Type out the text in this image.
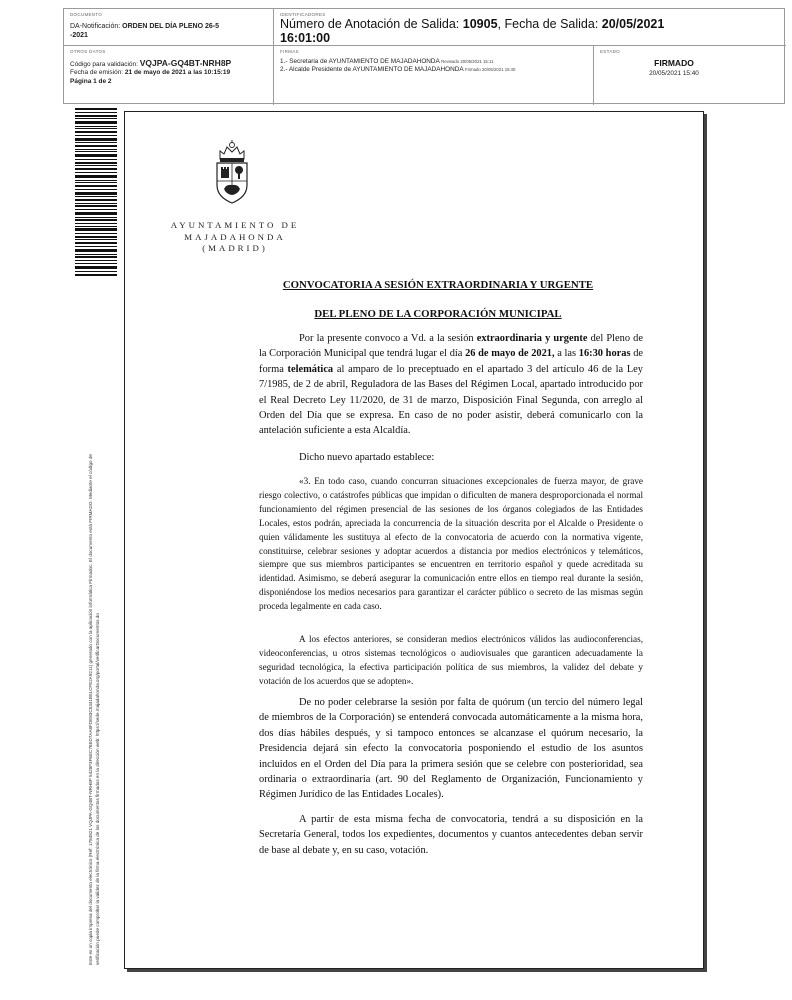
DOCUMENTO
DA-Notificación: ORDEN DEL DÍA PLENO 26-5
-2021
IDENTIFICADORES
Número de Anotación de Salida: 10905, Fecha de Salida: 20/05/2021
16:01:00
OTROS DATOS
Código para validación: VQJPA-GQ4BT-NRH8P
Fecha de emisión: 21 de mayo de 2021 a las 10:15:19
Página 1 de 2
FIRMAS
1.- Secretaria de AYUNTAMIENTO DE MAJADAHONDA Revisado 20/05/2021 15:11
2.- Alcalde Presidente de AYUNTAMIENTO DE MAJADAHONDA Firmado 20/05/2021 15:40
ESTADO
FIRMADO
20/05/2021 15:40
Este es un copia impresa del documento electrónico (Ref: 1784821 VQJPA-GQ4BT-NRH8P 5428F3F6EC76ED7AA8FDE83C5341B51CFE2A9211) generado con la aplicación informática Firmadoc. El documento está FIRMADO. Mediante el código de verificación puede comprobar la validez de la firma electrónica de los documentos firmados en la dirección web: https://sede.majadahonda.org/portal/verificarDocumentos.do
AYUNTAMIENTO DE
MAJADAHONDA
(MADRID)
CONVOCATORIA A SESIÓN EXTRAORDINARIA Y URGENTE
DEL PLENO DE LA CORPORACIÓN MUNICIPAL
Por la presente convoco a Vd. a la sesión extraordinaria y urgente del Pleno de la Corporación Municipal que tendrá lugar el día 26 de mayo de 2021, a las 16:30 horas de forma telemática al amparo de lo preceptuado en el apartado 3 del artículo 46 de la Ley 7/1985, de 2 de abril, Reguladora de las Bases del Régimen Local, apartado introducido por el Real Decreto Ley 11/2020, de 31 de marzo, Disposición Final Segunda, con arreglo al Orden del Día que se expresa. En caso de no poder asistir, deberá comunicarlo con la antelación suficiente a esta Alcaldía.
Dicho nuevo apartado establece:
«3. En todo caso, cuando concurran situaciones excepcionales de fuerza mayor, de grave riesgo colectivo, o catástrofes públicas que impidan o dificulten de manera desproporcionada el normal funcionamiento del régimen presencial de las sesiones de los órganos colegiados de las Entidades Locales, estos podrán, apreciada la concurrencia de la situación descrita por el Alcalde o Presidente o quien válidamente les sustituya al efecto de la convocatoria de acuerdo con la normativa vigente, constituirse, celebrar sesiones y adoptar acuerdos a distancia por medios electrónicos y telemáticos, siempre que sus miembros participantes se encuentren en territorio español y quede acreditada su identidad. Asimismo, se deberá asegurar la comunicación entre ellos en tiempo real durante la sesión, disponiéndose los medios necesarios para garantizar el carácter público o secreto de las mismas según proceda legalmente en cada caso.
A los efectos anteriores, se consideran medios electrónicos válidos las audioconferencias, videoconferencias, u otros sistemas tecnológicos o audiovisuales que garanticen adecuadamente la seguridad tecnológica, la efectiva participación política de sus miembros, la validez del debate y votación de los acuerdos que se adopten».
De no poder celebrarse la sesión por falta de quórum (un tercio del número legal de miembros de la Corporación) se entenderá convocada automáticamente a la misma hora, dos días hábiles después, y si tampoco entonces se alcanzase el quórum necesario, la Presidencia dejará sin efecto la convocatoria posponiendo el estudio de los asuntos incluidos en el Orden del Día para la primera sesión que se celebre con posterioridad, sea ordinaria o extraordinaria (art. 90 del Reglamento de Organización, Funcionamiento y Régimen Jurídico de las Entidades Locales).
A partir de esta misma fecha de convocatoria, tendrá a su disposición en la Secretaría General, todos los expedientes, documentos y cuantos antecedentes deban servir de base al debate y, en su caso, votación.
